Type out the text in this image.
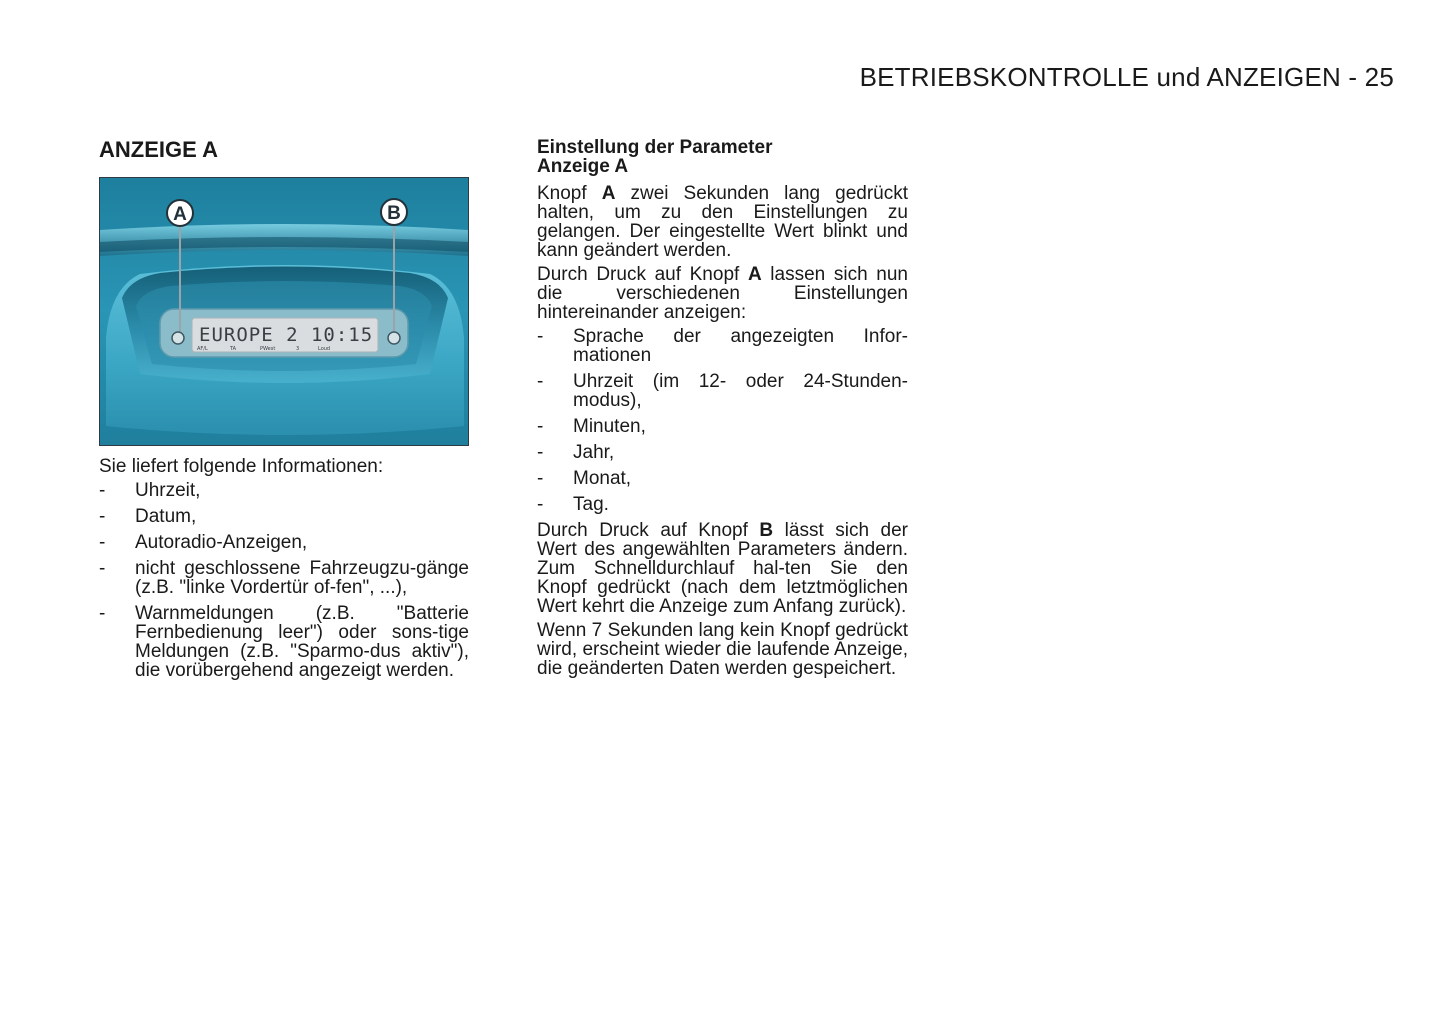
BETRIEBSKONTROLLE und ANZEIGEN - 25
ANZEIGE A
EUROPE 2 10:15
AF/L	TA	PWest	3	Loud
A	B
Sie liefert folgende Informationen:
- Uhrzeit,
- Datum,
- Autoradio-Anzeigen,
- nicht geschlossene Fahrzeugzu-gänge (z.B. "linke Vordertür of-fen", ...),
- Warnmeldungen (z.B. "Batterie Fernbedienung leer") oder sons-tige Meldungen (z.B. "Sparmo-dus aktiv"), die vorübergehend angezeigt werden.
Einstellung der Parameter
Anzeige A

Knopf A zwei Sekunden lang gedrückt halten, um zu den Einstellungen zu gelangen. Der eingestellte Wert blinkt und kann geändert werden.

Durch Druck auf Knopf A lassen sich nun die verschiedenen Einstellungen hintereinander anzeigen:

- Sprache der angezeigten Infor-mationen
- Uhrzeit (im 12- oder 24-Stunden-modus),
- Minuten,
- Jahr,
- Monat,
- Tag.

Durch Druck auf Knopf B lässt sich der Wert des angewählten Parameters ändern. Zum Schnelldurchlauf hal-ten Sie den Knopf gedrückt (nach dem letztmöglichen Wert kehrt die Anzeige zum Anfang zurück).

Wenn 7 Sekunden lang kein Knopf gedrückt wird, erscheint wieder die laufende Anzeige, die geänderten Daten werden gespeichert.
